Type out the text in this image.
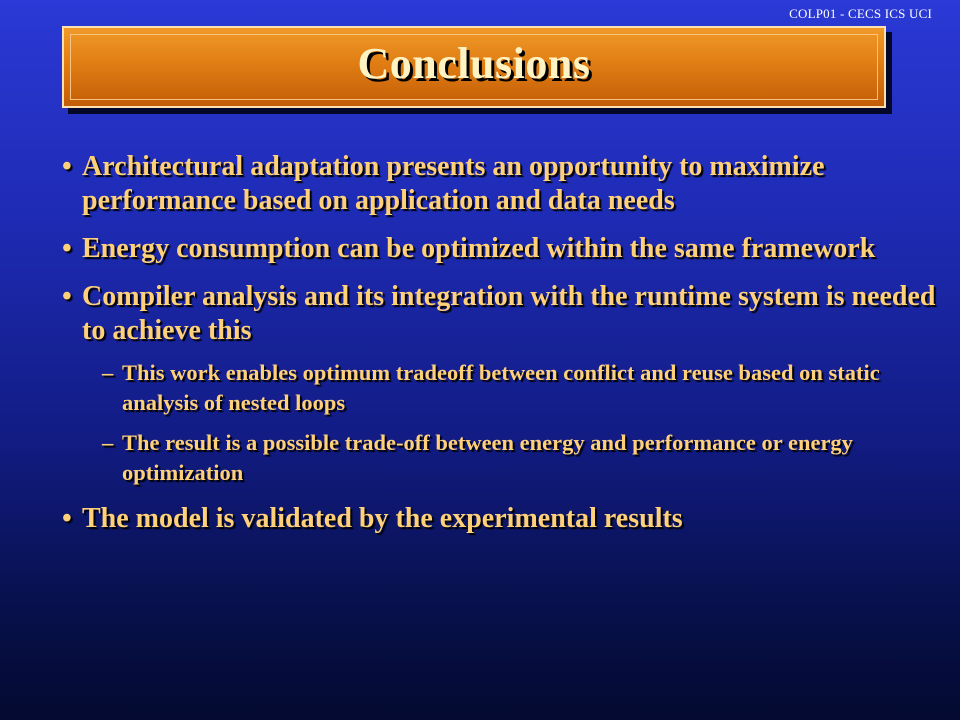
COLP01 - CECS ICS UCI
Conclusions
• Architectural adaptation presents an opportunity to maximize performance based on application and data needs
• Energy consumption can be optimized within the same framework
• Compiler analysis and its integration with the runtime system is needed to achieve this
– This work enables optimum tradeoff between conflict and reuse based on static analysis of nested loops
– The result is a possible trade-off between energy and performance or energy optimization
• The model is validated by the experimental results
